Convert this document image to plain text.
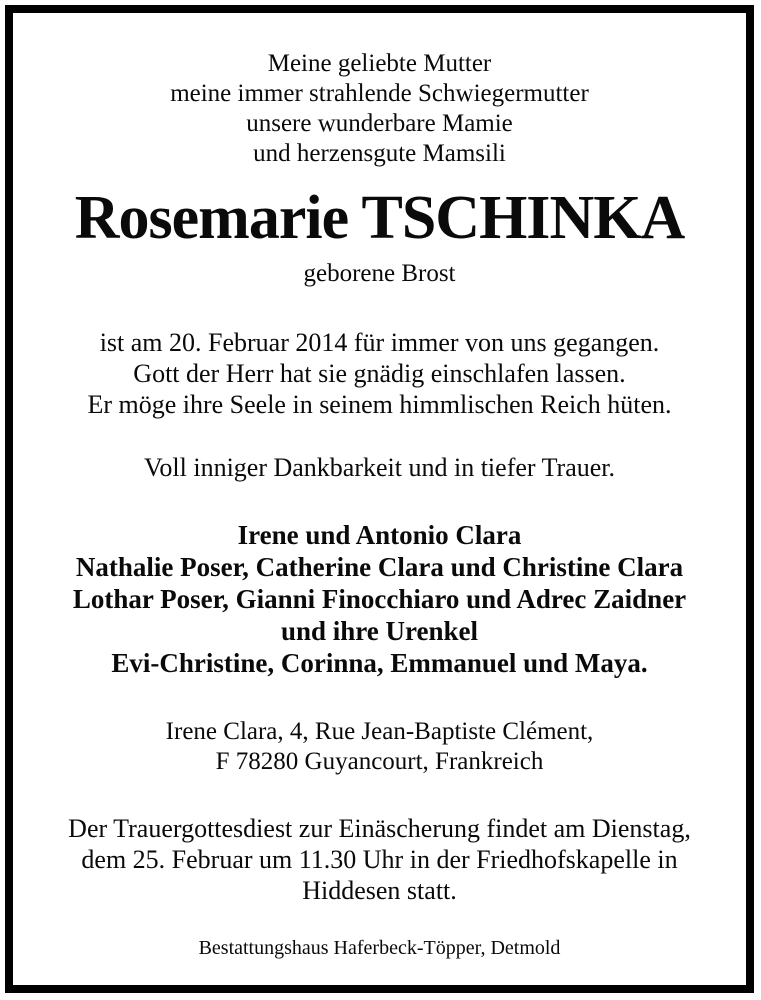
Meine geliebte Mutter
meine immer strahlende Schwiegermutter
unsere wunderbare Mamie
und herzensgute Mamsili
Rosemarie TSCHINKA
geborene Brost
ist am 20. Februar 2014 für immer von uns gegangen.
Gott der Herr hat sie gnädig einschlafen lassen.
Er möge ihre Seele in seinem himmlischen Reich hüten.
Voll inniger Dankbarkeit und in tiefer Trauer.
Irene und Antonio Clara
Nathalie Poser, Catherine Clara und Christine Clara
Lothar Poser, Gianni Finocchiaro und Adrec Zaidner
und ihre Urenkel
Evi-Christine, Corinna, Emmanuel und Maya.
Irene Clara, 4, Rue Jean-Baptiste Clément,
F 78280 Guyancourt, Frankreich
Der Trauergottesdiest zur Einäscherung findet am Dienstag,
dem 25. Februar um 11.30 Uhr in der Friedhofskapelle in
Hiddesen statt.
Bestattungshaus Haferbeck-Töpper, Detmold
